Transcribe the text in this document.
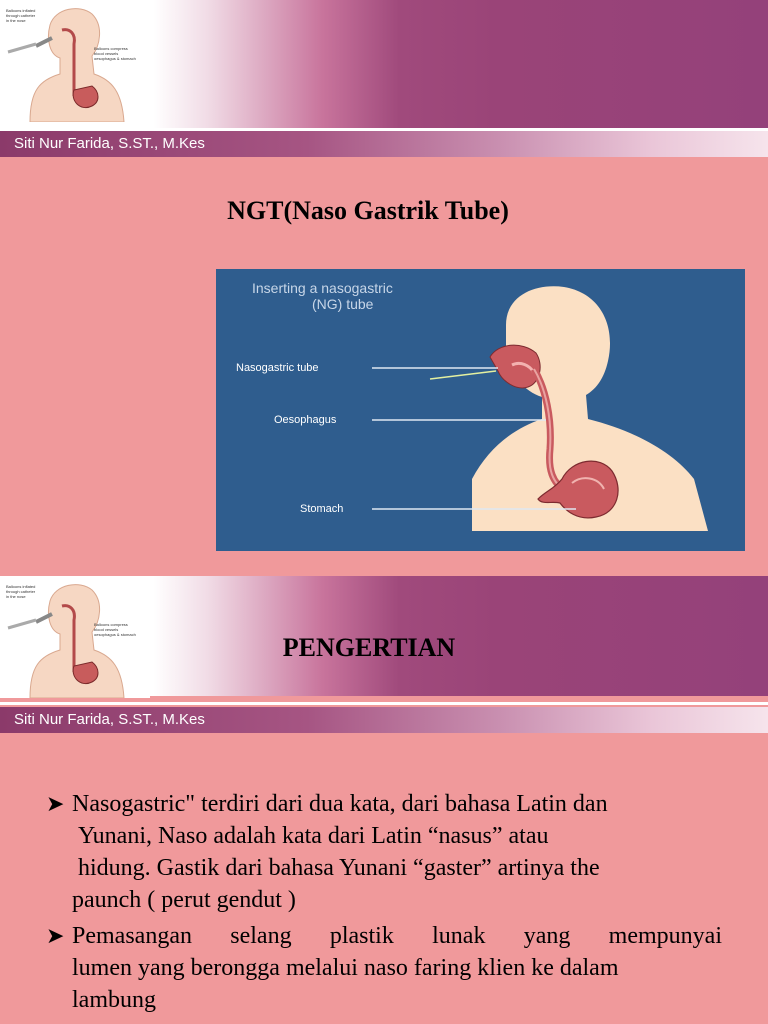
Balloons inflated
through catheter
in the nose
Balloons compress
blood vessels
oesophagus & stomach
Siti Nur Farida, S.ST., M.Kes
NGT(Naso Gastrik Tube)
Inserting a nasogastric
(NG) tube
Nasogastric tube
Oesophagus
Stomach
Balloons inflated
through catheter
in the nose
Balloons compress
blood vessels
oesophagus & stomach	PENGERTIAN
Siti Nur Farida, S.ST., M.Kes
➤ Nasogastric" terdiri dari dua kata, dari bahasa Latin dan
Yunani, Naso adalah kata dari Latin “nasus” atau
hidung. Gastik dari bahasa Yunani “gaster” artinya the
paunch ( perut gendut )
➤ Pemasangan selang plastik lunak yang mempunyai
lumen yang berongga melalui naso faring klien ke dalam
lambung
